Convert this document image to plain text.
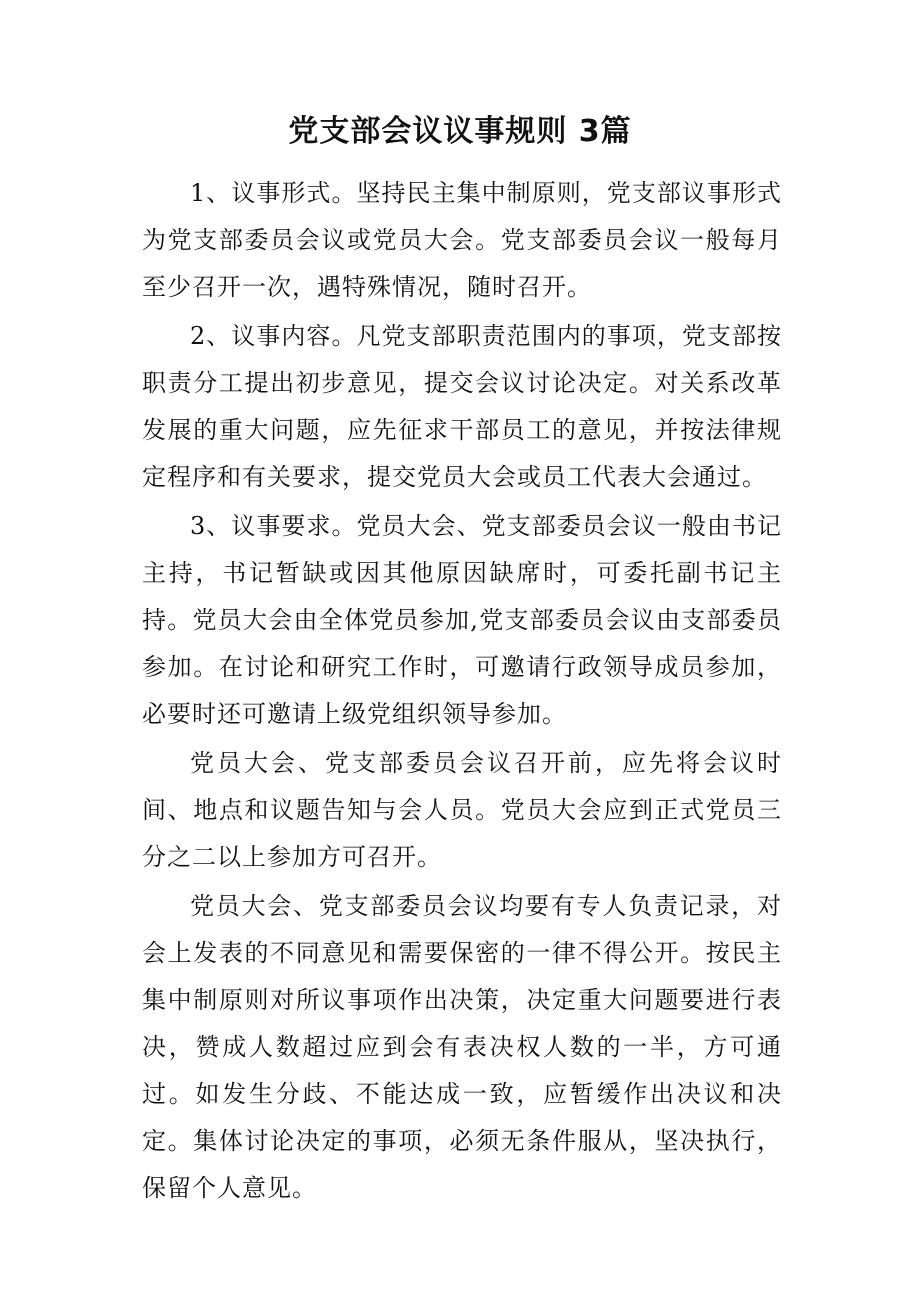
党支部会议议事规则 3篇

1、议事形式。坚持民主集中制原则，党支部议事形式为党支部委员会议或党员大会。党支部委员会议一般每月至少召开一次，遇特殊情况，随时召开。

2、议事内容。凡党支部职责范围内的事项，党支部按职责分工提出初步意见，提交会议讨论决定。对关系改革发展的重大问题，应先征求干部员工的意见，并按法律规定程序和有关要求，提交党员大会或员工代表大会通过。

3、议事要求。党员大会、党支部委员会议一般由书记主持，书记暂缺或因其他原因缺席时，可委托副书记主持。党员大会由全体党员参加,党支部委员会议由支部委员参加。在讨论和研究工作时，可邀请行政领导成员参加，必要时还可邀请上级党组织领导参加。

党员大会、党支部委员会议召开前，应先将会议时间、地点和议题告知与会人员。党员大会应到正式党员三分之二以上参加方可召开。

党员大会、党支部委员会议均要有专人负责记录，对会上发表的不同意见和需要保密的一律不得公开。按民主集中制原则对所议事项作出决策，决定重大问题要进行表决，赞成人数超过应到会有表决权人数的一半，方可通过。如发生分歧、不能达成一致，应暂缓作出决议和决定。集体讨论决定的事项，必须无条件服从，坚决执行，保留个人意见。
